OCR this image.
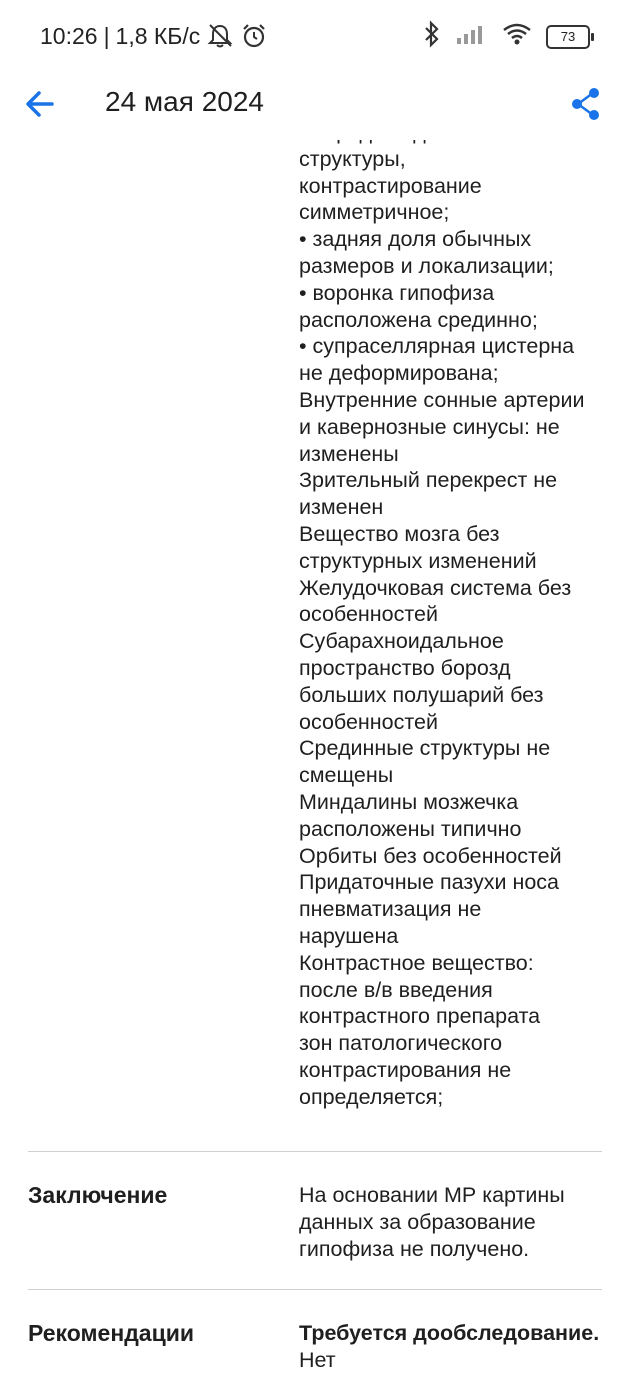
10:26 | 1,8 КБ/с	73
24 мая 2024

структуры,
контрастирование
симметричное;
• задняя доля обычных
размеров и локализации;
• воронка гипофиза
расположена срединно;
• супраселлярная цистерна
не деформирована;
Внутренние сонные артерии
и кавернозные синусы: не
изменены
Зрительный перекрест не
изменен
Вещество мозга без
структурных изменений
Желудочковая система без
особенностей
Субарахноидальное
пространство борозд
больших полушарий без
особенностей
Срединные структуры не
смещены
Миндалины мозжечка
расположены типично
Орбиты без особенностей
Придаточные пазухи носа
пневматизация не
нарушена
Контрастное вещество:
после в/в введения
контрастного препарата
зон патологического
контрастирования не
определяется;
Заключение	На основании МР картины
данных за образование
гипофиза не получено.
Рекомендации	Требуется дообследование.
Нет
